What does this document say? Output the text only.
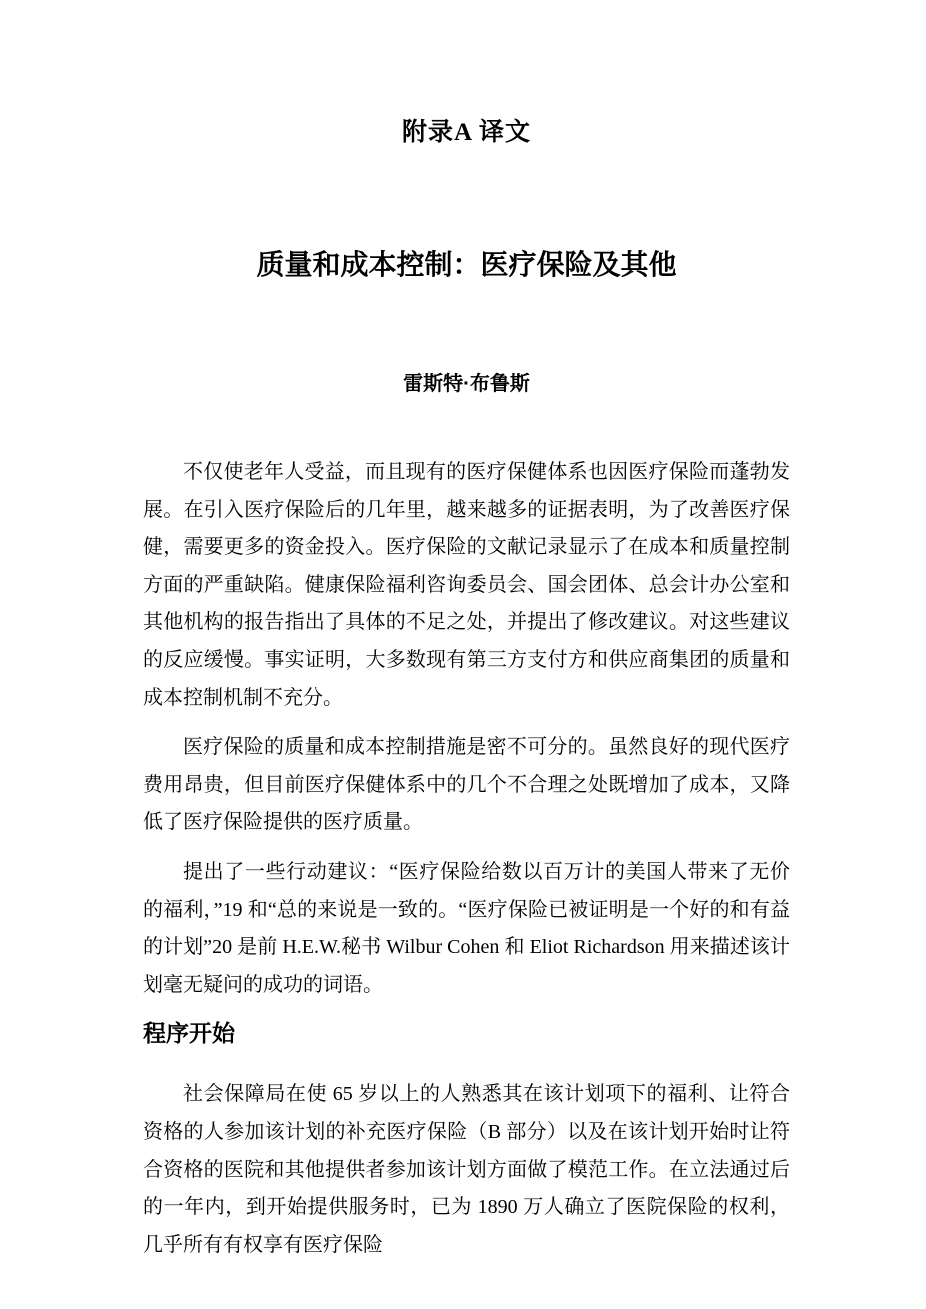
附录A 译文
质量和成本控制：医疗保险及其他
雷斯特·布鲁斯

不仅使老年人受益，而且现有的医疗保健体系也因医疗保险而蓬勃发展。在引入医疗保险后的几年里，越来越多的证据表明，为了改善医疗保健，需要更多的资金投入。医疗保险的文献记录显示了在成本和质量控制方面的严重缺陷。健康保险福利咨询委员会、国会团体、总会计办公室和其他机构的报告指出了具体的不足之处，并提出了修改建议。对这些建议的反应缓慢。事实证明，大多数现有第三方支付方和供应商集团的质量和成本控制机制不充分。

医疗保险的质量和成本控制措施是密不可分的。虽然良好的现代医疗费用昂贵，但目前医疗保健体系中的几个不合理之处既增加了成本，又降低了医疗保险提供的医疗质量。

提出了一些行动建议：“医疗保险给数以百万计的美国人带来了无价的福利，”19 和“总的来说是一致的。“医疗保险已被证明是一个好的和有益的计划”20 是前 H.E.W.秘书 Wilbur Cohen 和 Eliot Richardson 用来描述该计划毫无疑问的成功的词语。

程序开始

社会保障局在使 65 岁以上的人熟悉其在该计划项下的福利、让符合资格的人参加该计划的补充医疗保险（B 部分）以及在该计划开始时让符合资格的医院和其他提供者参加该计划方面做了模范工作。在立法通过后的一年内，到开始提供服务时，已为 1890 万人确立了医院保险的权利，几乎所有有权享有医疗保险
